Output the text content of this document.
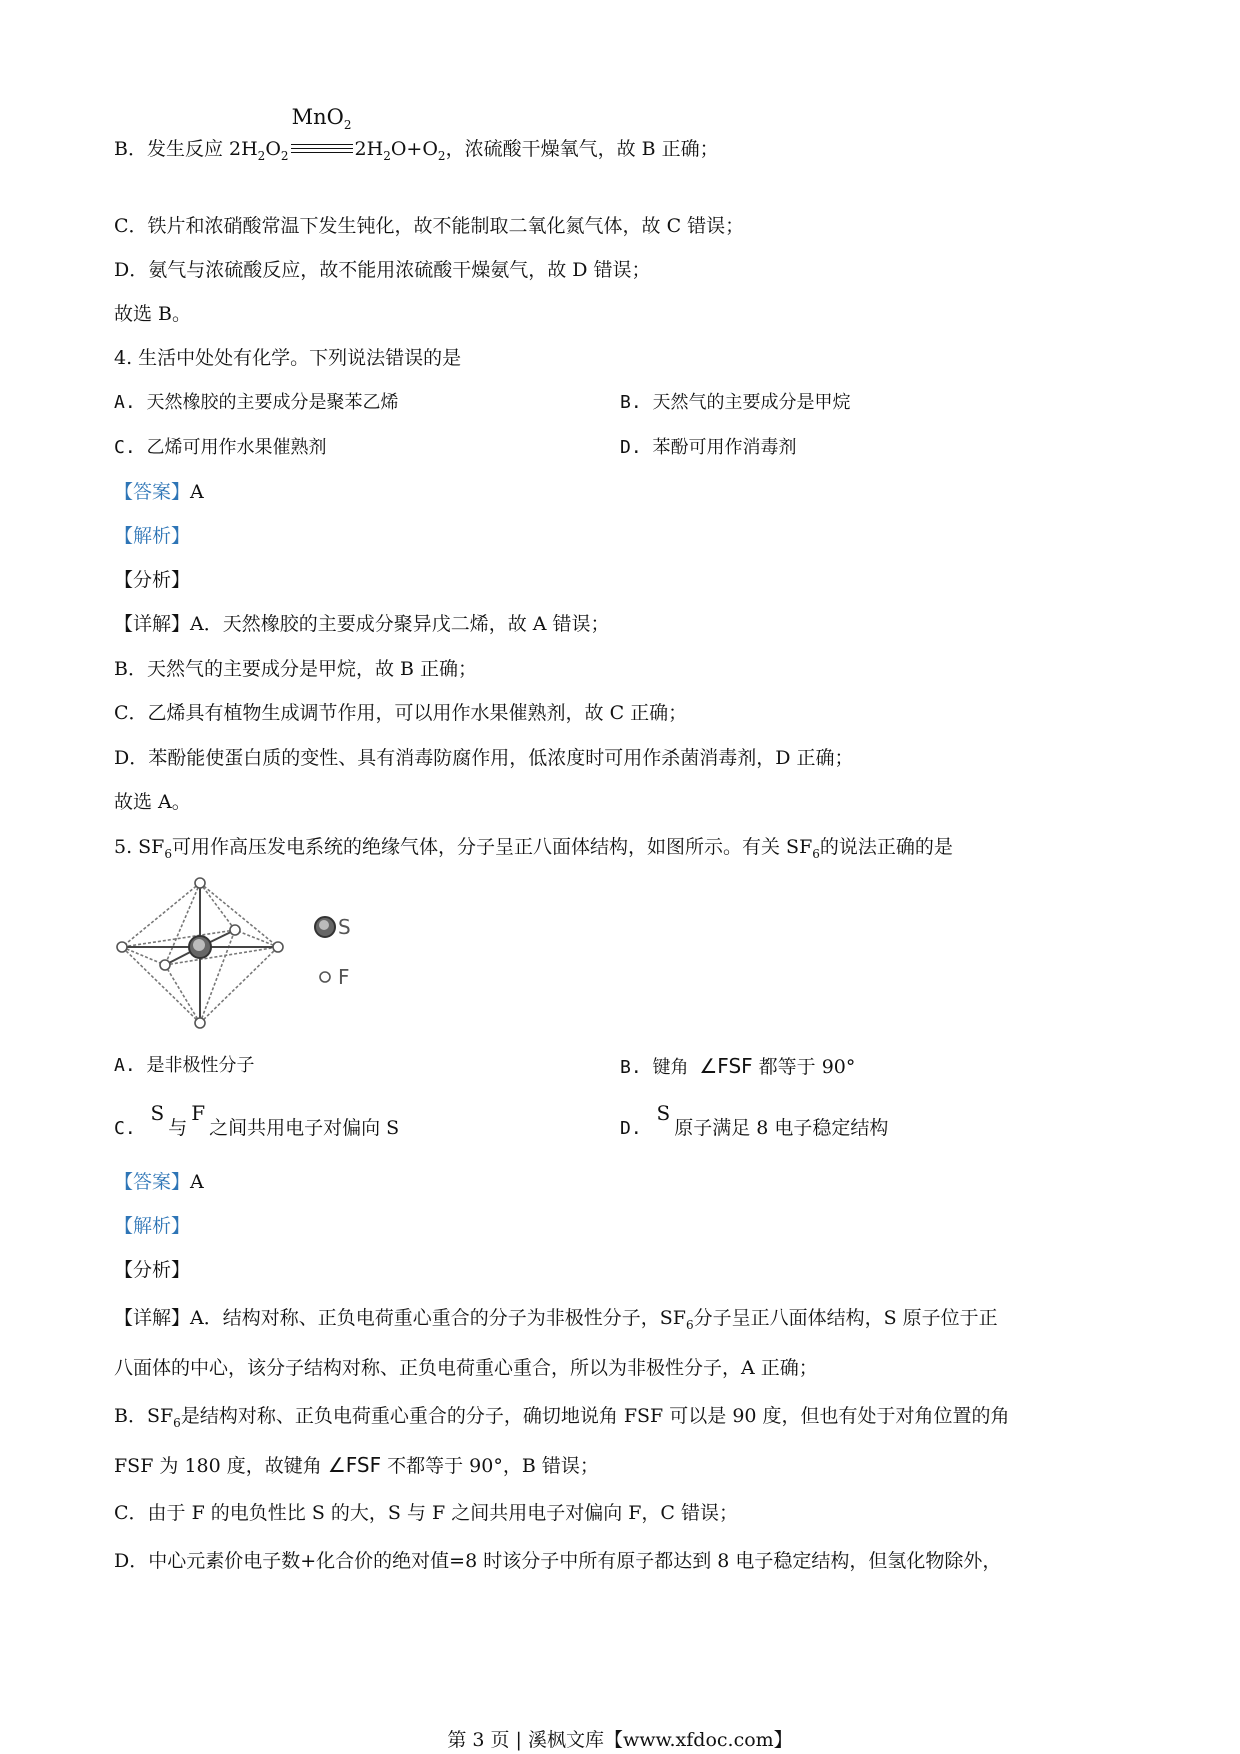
B．发生反应 $2H_2O_2$
MnO$_2$
$2H_2O+O_2$，浓硫酸干燥氧气，故 B 正确；
C．铁片和浓硝酸常温下发生钝化，故不能制取二氧化氮气体，故 C 错误；
D．氨气与浓硫酸反应，故不能用浓硫酸干燥氨气，故 D 错误；
故选 B。
4. 生活中处处有化学。下列说法错误的是
A. 天然橡胶的主要成分是聚苯乙烯	B. 天然气的主要成分是甲烷
C. 乙烯可用作水果催熟剂	D. 苯酚可用作消毒剂
【答案】A
【解析】
【分析】
【详解】A．天然橡胶的主要成分聚异戊二烯，故 A 错误；
B．天然气的主要成分是甲烷，故 B 正确；
C．乙烯具有植物生成调节作用，可以用作水果催熟剂，故 C 正确；
D．苯酚能使蛋白质的变性、具有消毒防腐作用，低浓度时可用作杀菌消毒剂，D 正确；
故选 A。
5. $SF_6$可用作高压发电系统的绝缘气体，分子呈正八面体结构，如图所示。有关 $SF_6$的说法正确的是
S
F
A. 是非极性分子	B. 键角 ∠FSF 都等于 90°
C. S与F之间共用电子对偏向 S	D. S原子满足 8 电子稳定结构
【答案】A
【解析】
【分析】
【详解】A．结构对称、正负电荷重心重合的分子为非极性分子，$SF_6$分子呈正八面体结构，S 原子位于正
八面体的中心，该分子结构对称、正负电荷重心重合，所以为非极性分子，A 正确；
B．$SF_6$是结构对称、正负电荷重心重合的分子，确切地说角 FSF 可以是 90 度，但也有处于对角位置的角
FSF 为 180 度，故键角 ∠FSF 不都等于 90°，B 错误；
C．由于 F 的电负性比 S 的大，S 与 F 之间共用电子对偏向 F，C 错误；
D．中心元素价电子数+化合价的绝对值=8 时该分子中所有原子都达到 8 电子稳定结构，但氢化物除外，
第 3 页 | 溪枫文库【www.xfdoc.com】
